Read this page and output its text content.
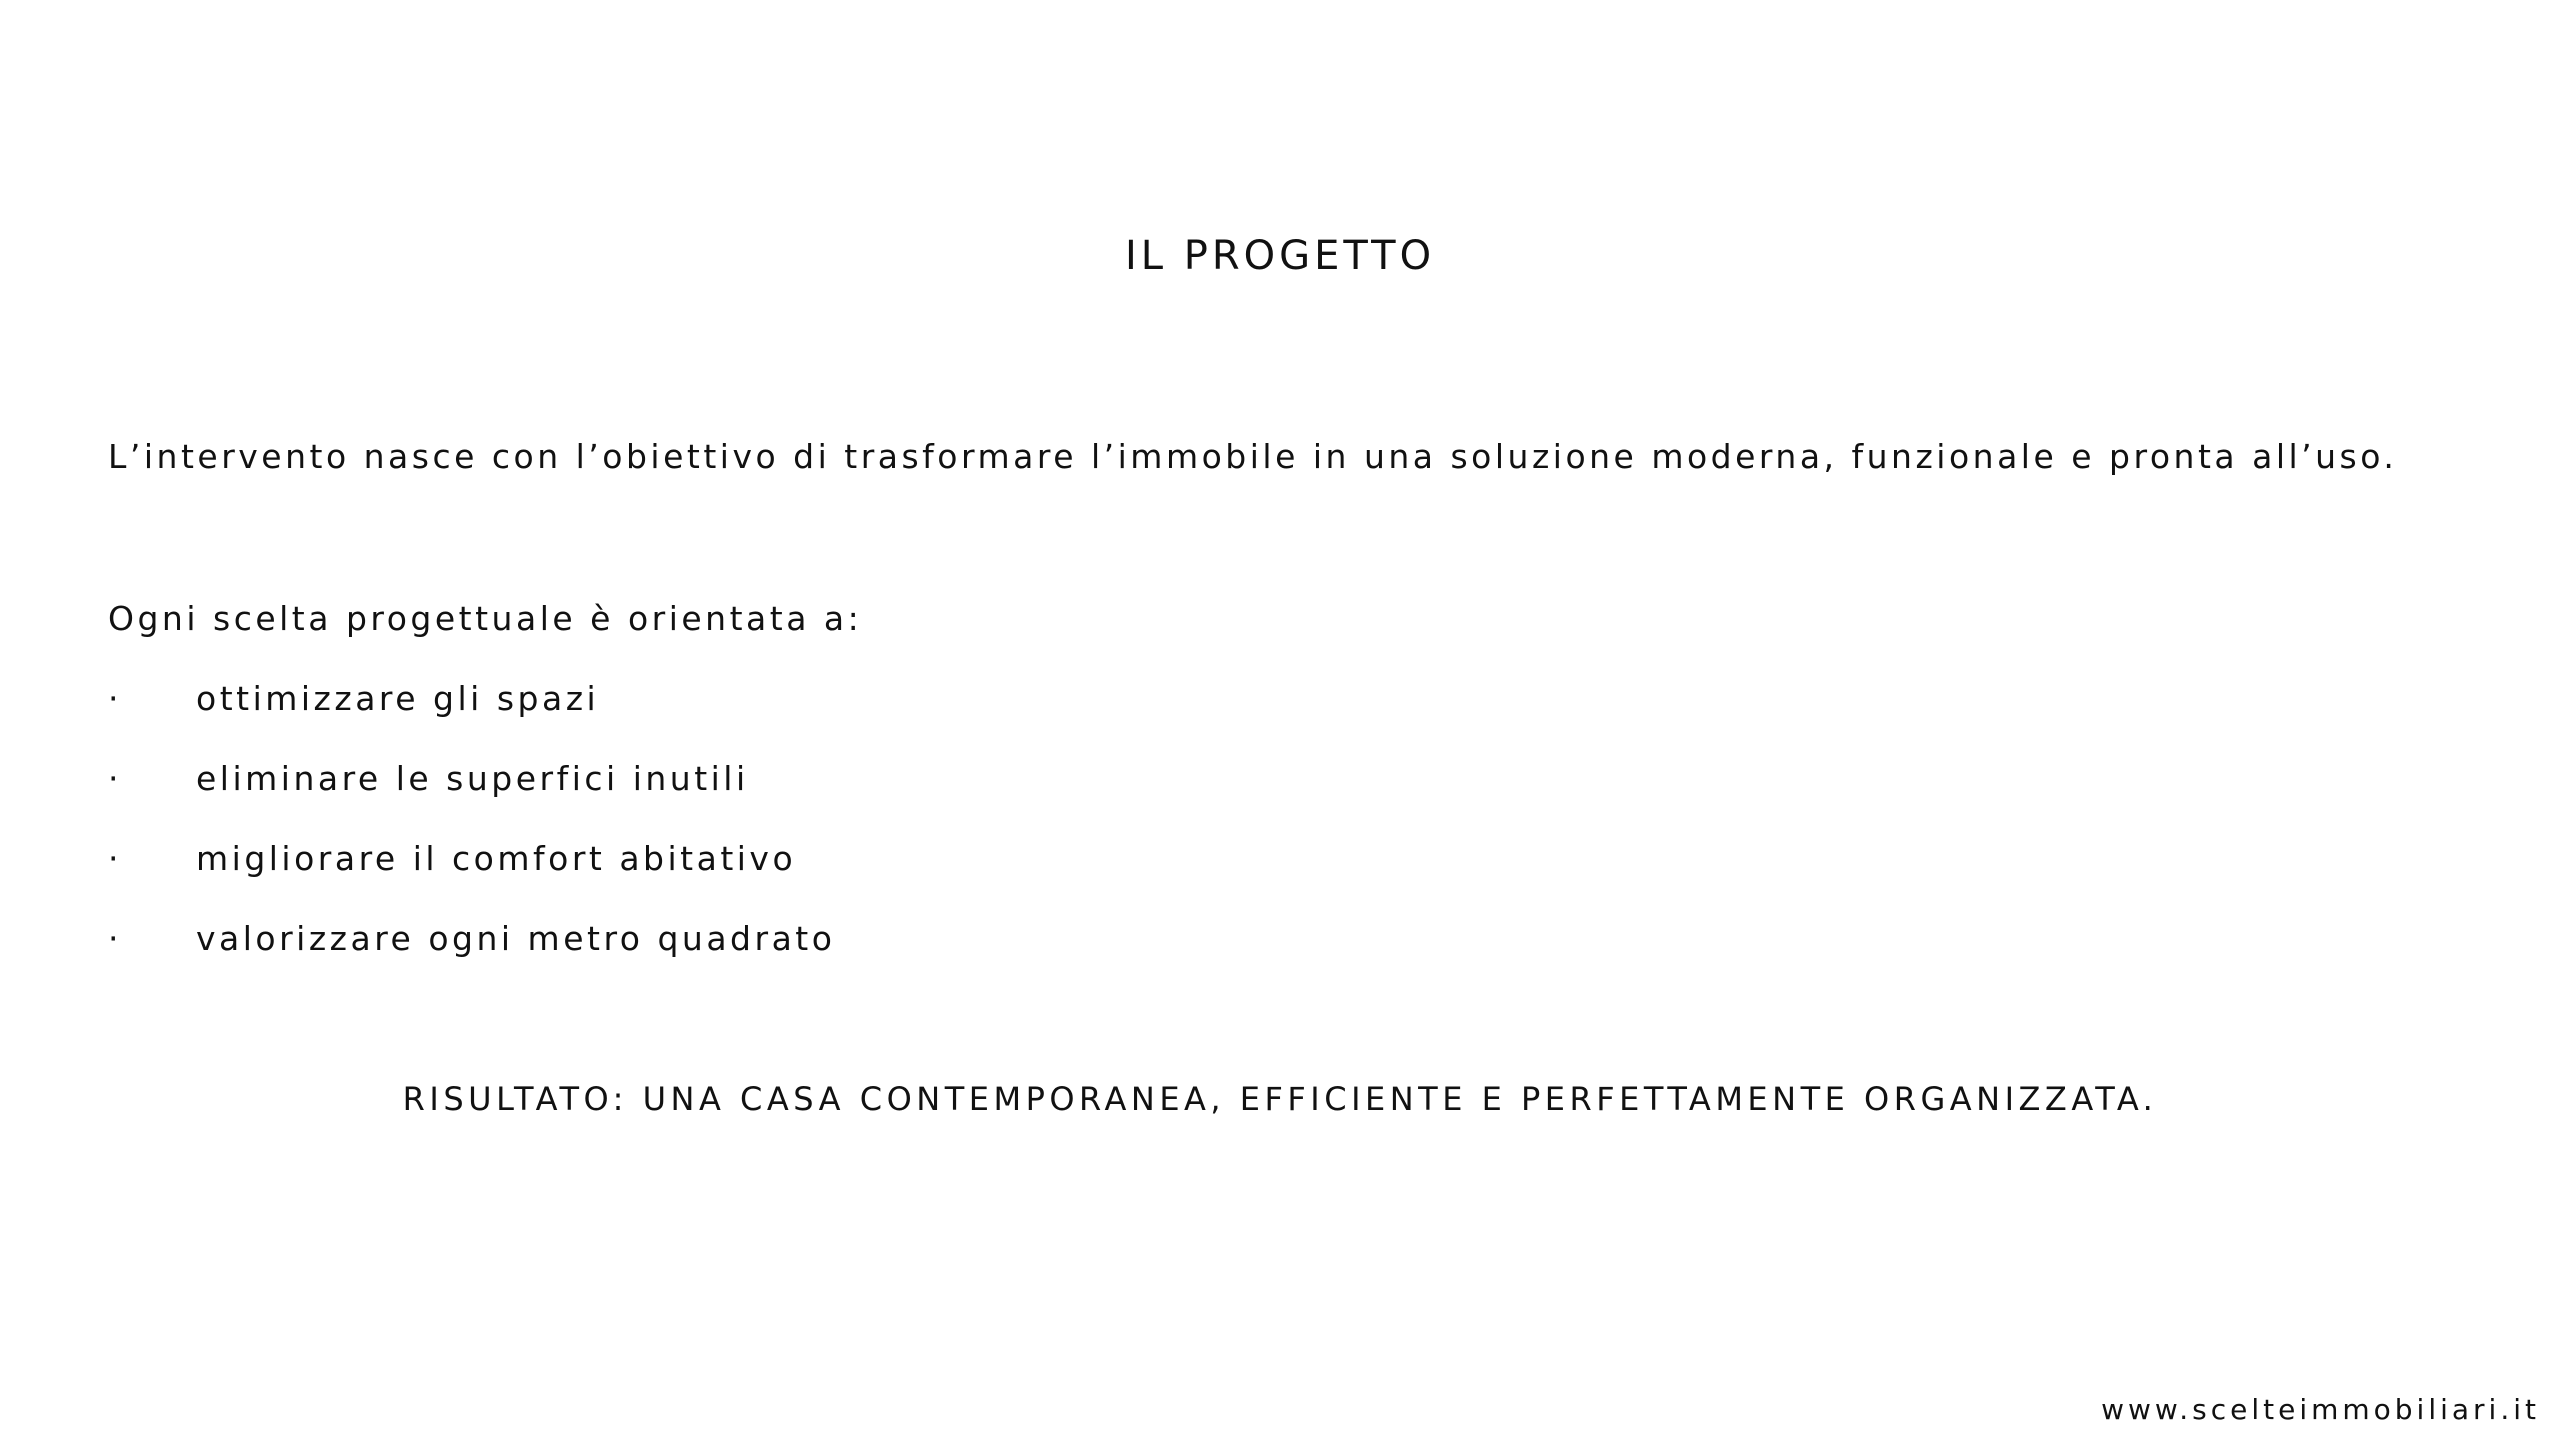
IL PROGETTO
L’intervento nasce con l’obiettivo di trasformare l’immobile in una soluzione moderna, funzionale e pronta all’uso.
Ogni scelta progettuale è orientata a:
· ottimizzare gli spazi
· eliminare le superfici inutili
· migliorare il comfort abitativo
· valorizzare ogni metro quadrato
RISULTATO: UNA CASA CONTEMPORANEA, EFFICIENTE E PERFETTAMENTE ORGANIZZATA.
www.scelteimmobiliari.it
